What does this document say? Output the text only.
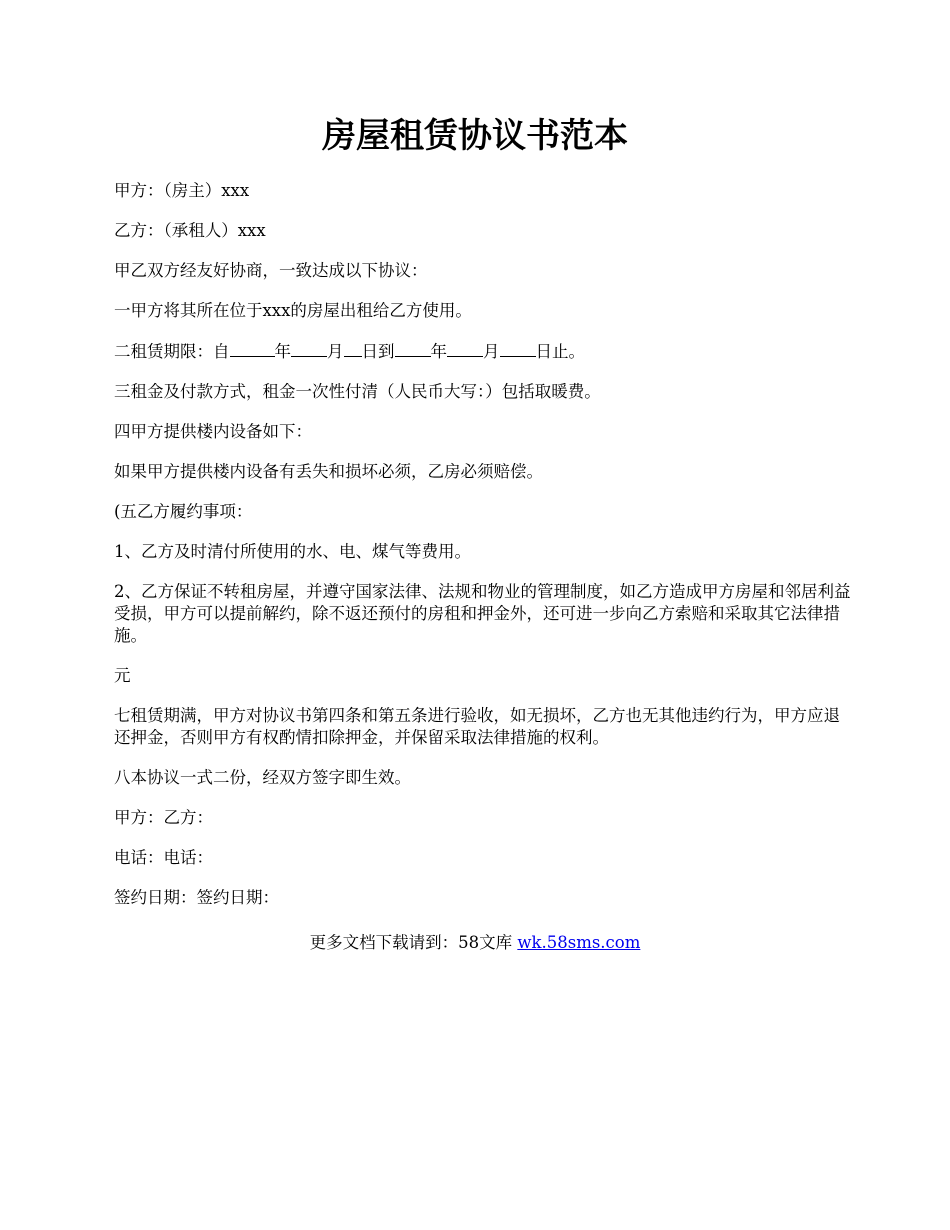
房屋租赁协议书范本

甲方：（房主）xxx

乙方：（承租人）xxx

甲乙双方经友好协商，一致达成以下协议：

一甲方将其所在位于xxx的房屋出租给乙方使用。

二租赁期限：自	年 月 日到 年 月 日止。

三租金及付款方式，租金一次性付清（人民币大写：）包括取暖费。

四甲方提供楼内设备如下：

如果甲方提供楼内设备有丢失和损坏必须，乙房必须赔偿。

(五乙方履约事项：

1、乙方及时清付所使用的水、电、煤气等费用。

2、乙方保证不转租房屋，并遵守国家法律、法规和物业的管理制度，如乙方造成甲方房屋和邻居利益受损，甲方可以提前解约，除不返还预付的房租和押金外，还可进一步向乙方索赔和采取其它法律措施。

元

七租赁期满，甲方对协议书第四条和第五条进行验收，如无损坏，乙方也无其他违约行为，甲方应退还押金，否则甲方有权酌情扣除押金，并保留采取法律措施的权利。

八本协议一式二份，经双方签字即生效。

甲方：乙方：

电话：电话：

签约日期：签约日期：

更多文档下载请到：58文库 wk.58sms.com
